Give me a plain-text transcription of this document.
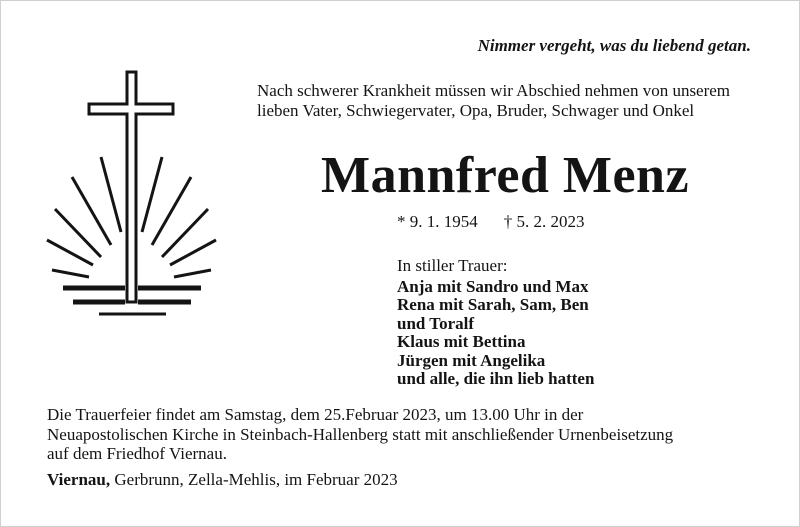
Nimmer vergeht, was du liebend getan.
Nach schwerer Krankheit müssen wir Abschied nehmen von unserem
lieben Vater, Schwiegervater, Opa, Bruder, Schwager und Onkel
Mannfred Menz
* 9. 1. 1954 † 5. 2. 2023
In stiller Trauer:
Anja mit Sandro und Max
Rena mit Sarah, Sam, Ben
und Toralf
Klaus mit Bettina
Jürgen mit Angelika
und alle, die ihn lieb hatten
Die Trauerfeier findet am Samstag, dem 25.Februar 2023, um 13.00 Uhr in der
Neuapostolischen Kirche in Steinbach-Hallenberg statt mit anschließender Urnenbeisetzung
auf dem Friedhof Viernau.
Viernau, Gerbrunn, Zella-Mehlis, im Februar 2023
